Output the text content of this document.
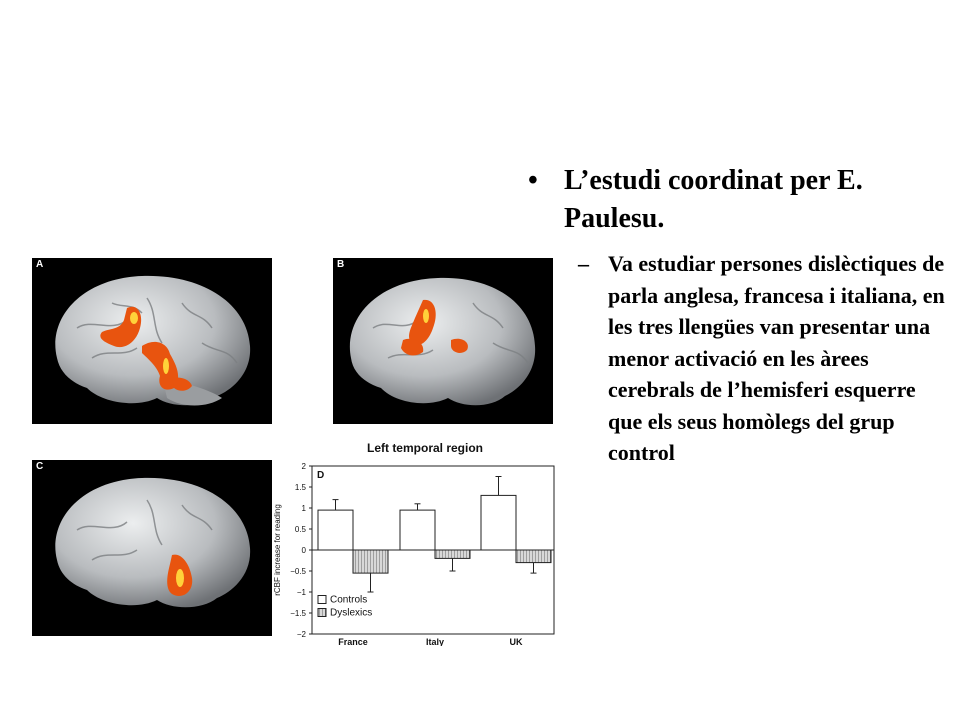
A	B
C
Left temporal region
D
rCBF increase for reading
2
1.5
1
0.5
0
−0.5
−1
−1.5
−2
France	Italy	UK
Controls
Dyslexics
• L’estudi coordinat per E. Paulesu.
– Va estudiar persones dislèctiques de parla anglesa, francesa i italiana, en les tres llengües van presentar una menor activació en les àrees cerebrals de l’hemisferi esquerre que els seus homòlegs del grup control
